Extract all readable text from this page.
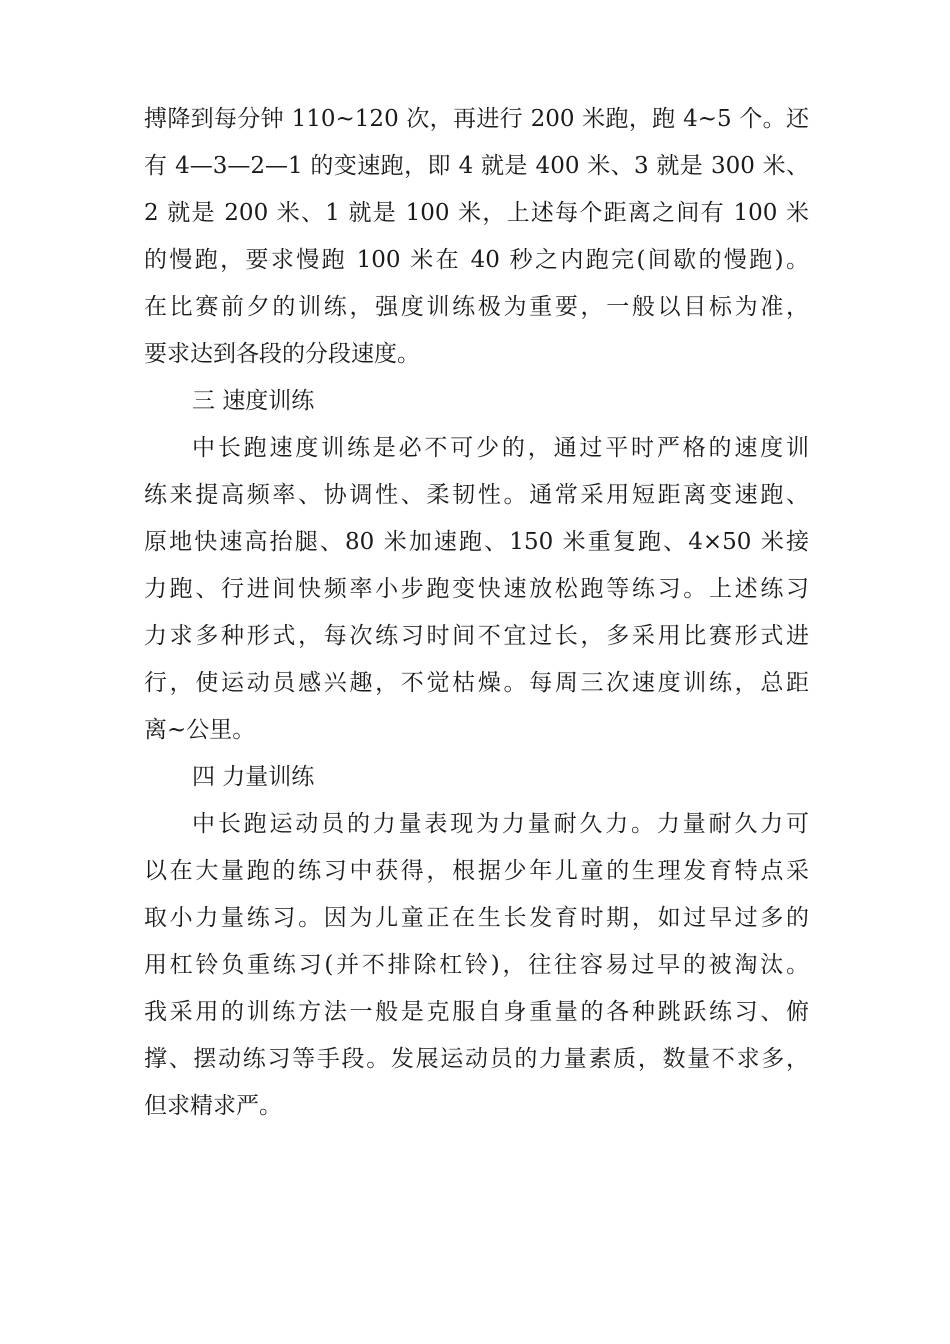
搏降到每分钟 110~120 次，再进行 200 米跑，跑 4~5 个。还
有 4—3—2—1 的变速跑，即 4 就是 400 米、3 就是 300 米、
2 就是 200 米、1 就是 100 米，上述每个距离之间有 100 米
的慢跑，要求慢跑 100 米在 40 秒之内跑完(间歇的慢跑)。
在比赛前夕的训练，强度训练极为重要，一般以目标为准，
要求达到各段的分段速度。
三 速度训练
中长跑速度训练是必不可少的，通过平时严格的速度训
练来提高频率、协调性、柔韧性。通常采用短距离变速跑、
原地快速高抬腿、80 米加速跑、150 米重复跑、4×50 米接
力跑、行进间快频率小步跑变快速放松跑等练习。上述练习
力求多种形式，每次练习时间不宜过长，多采用比赛形式进
行，使运动员感兴趣，不觉枯燥。每周三次速度训练，总距
离~公里。
四 力量训练
中长跑运动员的力量表现为力量耐久力。力量耐久力可
以在大量跑的练习中获得，根据少年儿童的生理发育特点采
取小力量练习。因为儿童正在生长发育时期，如过早过多的
用杠铃负重练习(并不排除杠铃)，往往容易过早的被淘汰。
我采用的训练方法一般是克服自身重量的各种跳跃练习、俯
撑、摆动练习等手段。发展运动员的力量素质，数量不求多，
但求精求严。
